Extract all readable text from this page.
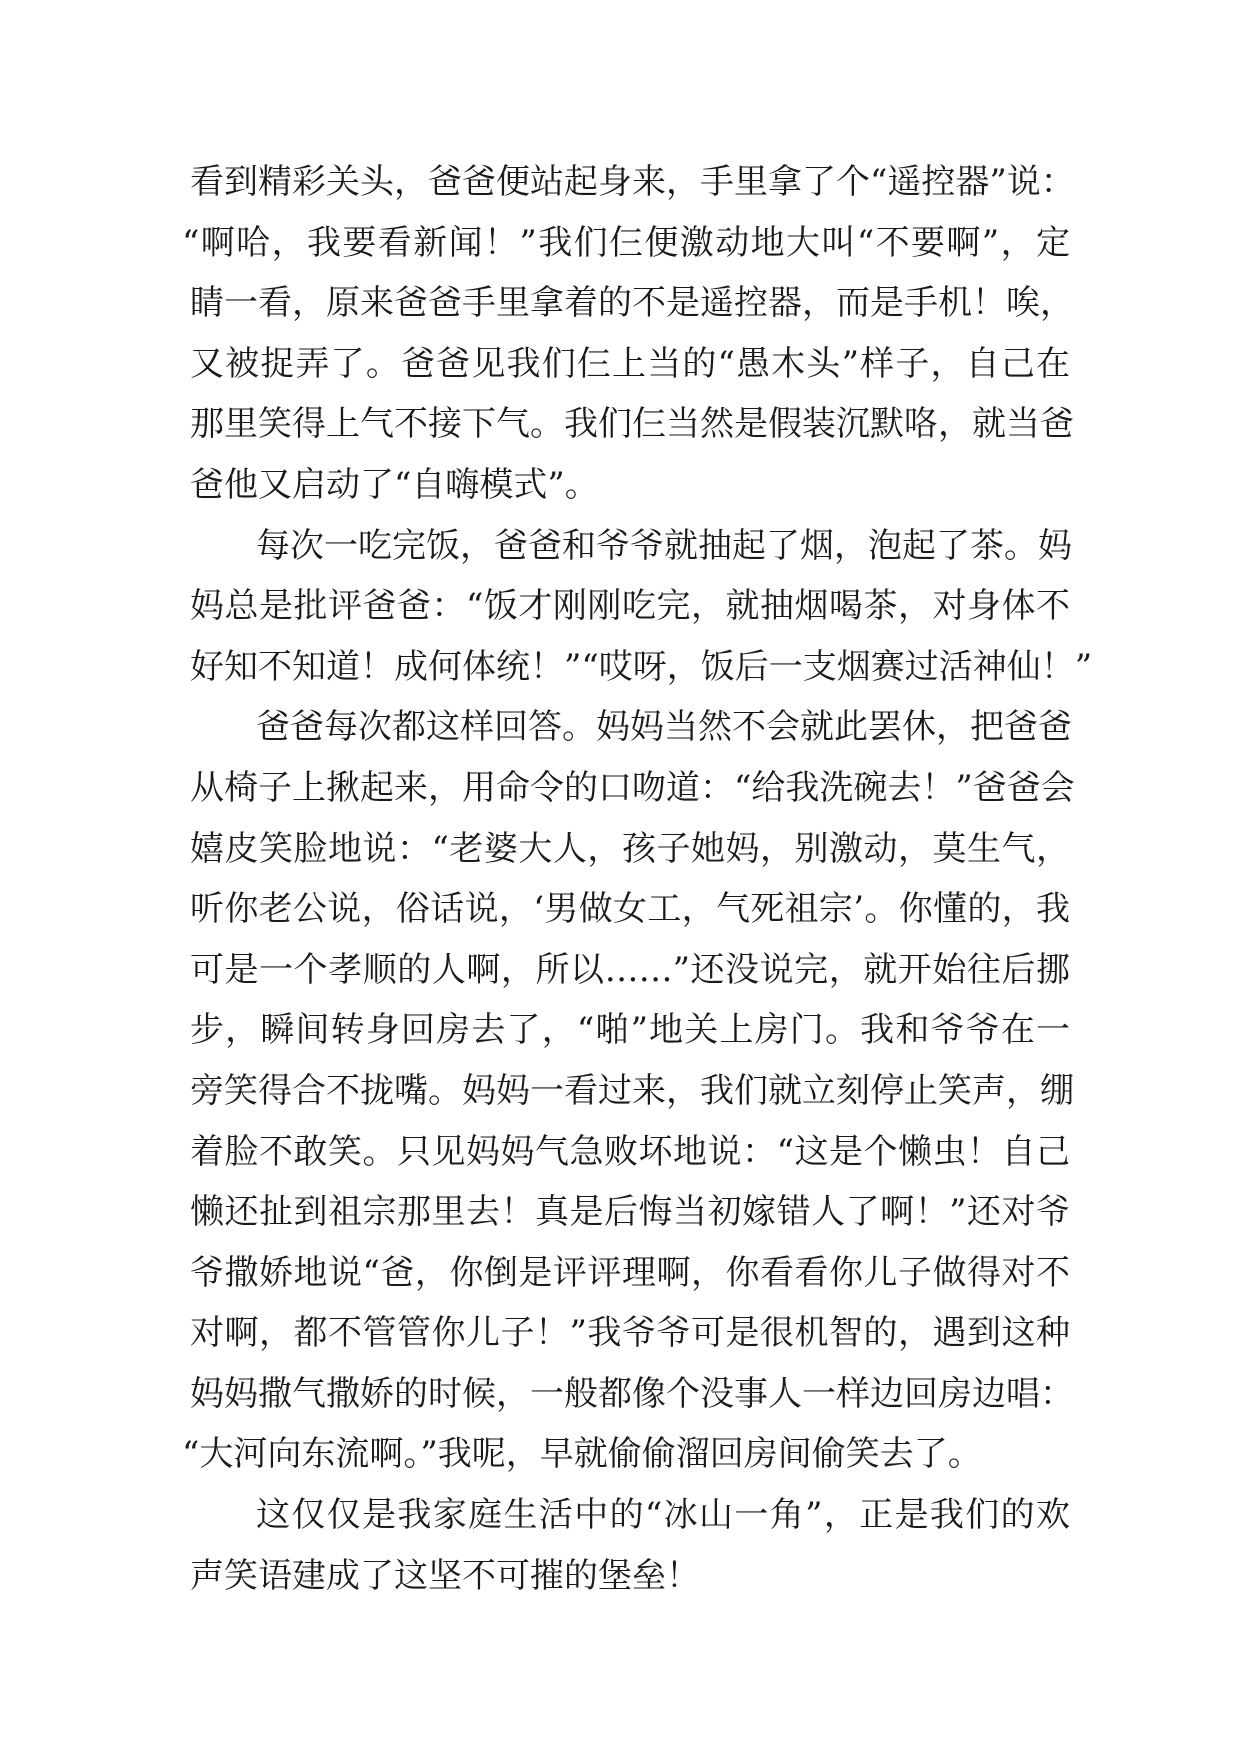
看到精彩关头，爸爸便站起身来，手里拿了个“遥控器”说：
“啊哈，我要看新闻！”我们仨便激动地大叫“不要啊”，定
睛一看，原来爸爸手里拿着的不是遥控器，而是手机！唉，
又被捉弄了。爸爸见我们仨上当的“愚木头”样子，自己在
那里笑得上气不接下气。我们仨当然是假装沉默咯，就当爸
爸他又启动了“自嗨模式”。
每次一吃完饭，爸爸和爷爷就抽起了烟，泡起了茶。妈
妈总是批评爸爸：“饭才刚刚吃完，就抽烟喝茶，对身体不
好知不知道！成何体统！”“哎呀，饭后一支烟赛过活神仙！”
爸爸每次都这样回答。妈妈当然不会就此罢休，把爸爸
从椅子上揪起来，用命令的口吻道：“给我洗碗去！”爸爸会
嬉皮笑脸地说：“老婆大人，孩子她妈，别激动，莫生气，
听你老公说，俗话说，‘男做女工，气死祖宗’。你懂的，我
可是一个孝顺的人啊，所以……”还没说完，就开始往后挪
步，瞬间转身回房去了，“啪”地关上房门。我和爷爷在一
旁笑得合不拢嘴。妈妈一看过来，我们就立刻停止笑声，绷
着脸不敢笑。只见妈妈气急败坏地说：“这是个懒虫！自己
懒还扯到祖宗那里去！真是后悔当初嫁错人了啊！”还对爷
爷撒娇地说“爸，你倒是评评理啊，你看看你儿子做得对不
对啊，都不管管你儿子！”我爷爷可是很机智的，遇到这种
妈妈撒气撒娇的时候，一般都像个没事人一样边回房边唱：
“大河向东流啊。”我呢，早就偷偷溜回房间偷笑去了。
这仅仅是我家庭生活中的“冰山一角”，正是我们的欢
声笑语建成了这坚不可摧的堡垒！
